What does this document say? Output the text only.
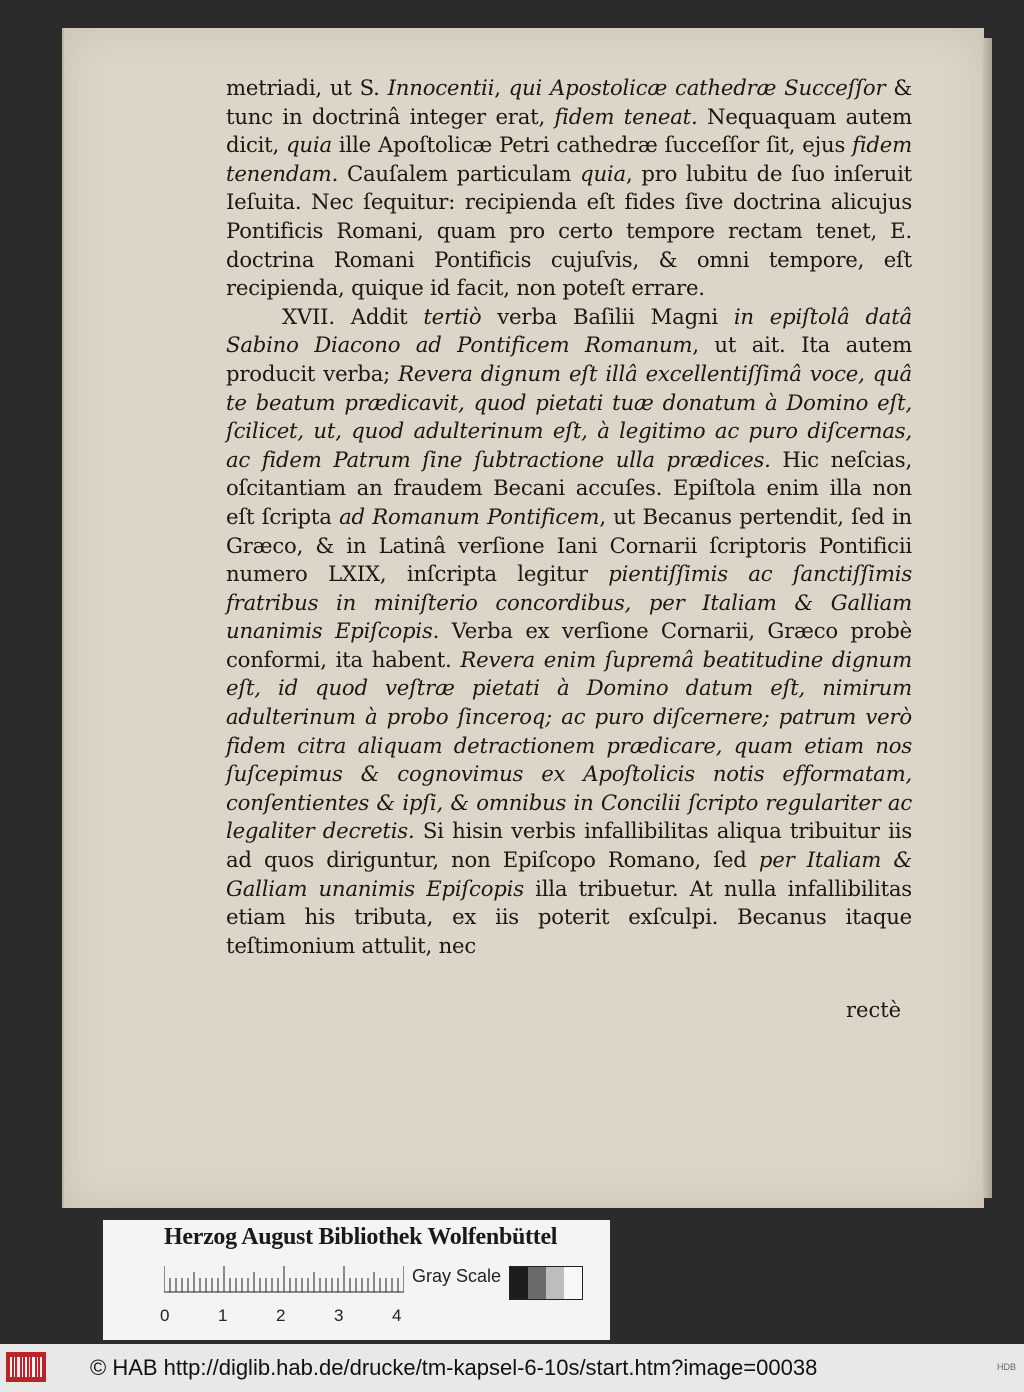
metriadi, ut S. Innocentii, qui Apostolicæ cathedræ Succeſſor & tunc in doctrinâ integer erat, fidem teneat. Nequaquam autem dicit, quia ille Apoſtolicæ Petri cathedræ ſucceſſor ſit, ejus fidem tenendam. Cauſalem particulam quia, pro lubitu de ſuo inſeruit Ieſuita. Nec ſequitur: recipienda eſt fides ſive doctrina alicujus Pontificis Romani, quam pro certo tempore rectam tenet, E. doctrina Romani Pontificis cujuſvis, & omni tempore, eſt recipienda, quique id facit, non poteſt errare.

XVII. Addit tertiò verba Baſilii Magni in epiſtolâ datâ Sabino Diacono ad Pontificem Romanum, ut ait. Ita autem producit verba; Revera dignum eſt illâ excellentiſſimâ voce, quâ te beatum prædicavit, quod pietati tuæ donatum à Domino eſt, ſcilicet, ut, quod adulterinum eſt, à legitimo ac puro diſcernas, ac fidem Patrum ſine ſubtractione ulla prædices. Hic neſcias, oſcitantiam an fraudem Becani accuſes. Epiſtola enim illa non eſt ſcripta ad Romanum Pontificem, ut Becanus pertendit, ſed in Græco, & in Latinâ verſione Iani Cornarii ſcriptoris Pontificii numero LXIX, inſcripta legitur pientiſſimis ac ſanctiſſimis fratribus in miniſterio concordibus, per Italiam & Galliam unanimis Epiſcopis. Verba ex verſione Cornarii, Græco probè conformi, ita habent. Revera enim ſupremâ beatitudine dignum eſt, id quod veſtræ pietati à Domino datum eſt, nimirum adulterinum à probo ſinceroq; ac puro diſcernere; patrum verò fidem citra aliquam detractionem prædicare, quam etiam nos ſuſcepimus & cognovimus ex Apoſtolicis notis efformatam, conſentientes & ipſi, & omnibus in Concilii ſcripto regulariter ac legaliter decretis. Si hisin verbis infallibilitas aliqua tribuitur iis ad quos diriguntur, non Epiſcopo Romano, ſed per Italiam & Galliam unanimis Epiſcopis illa tribuetur. At nulla infallibilitas etiam his tributa, ex iis poterit exſculpi. Becanus itaque teſtimonium attulit, nec

rectè
Herzog August Bibliothek Wolfenbüttel
0	1	2	3	4
Gray Scale
© HAB http://diglib.hab.de/drucke/tm-kapsel-6-10s/start.htm?image=00038	HDB
